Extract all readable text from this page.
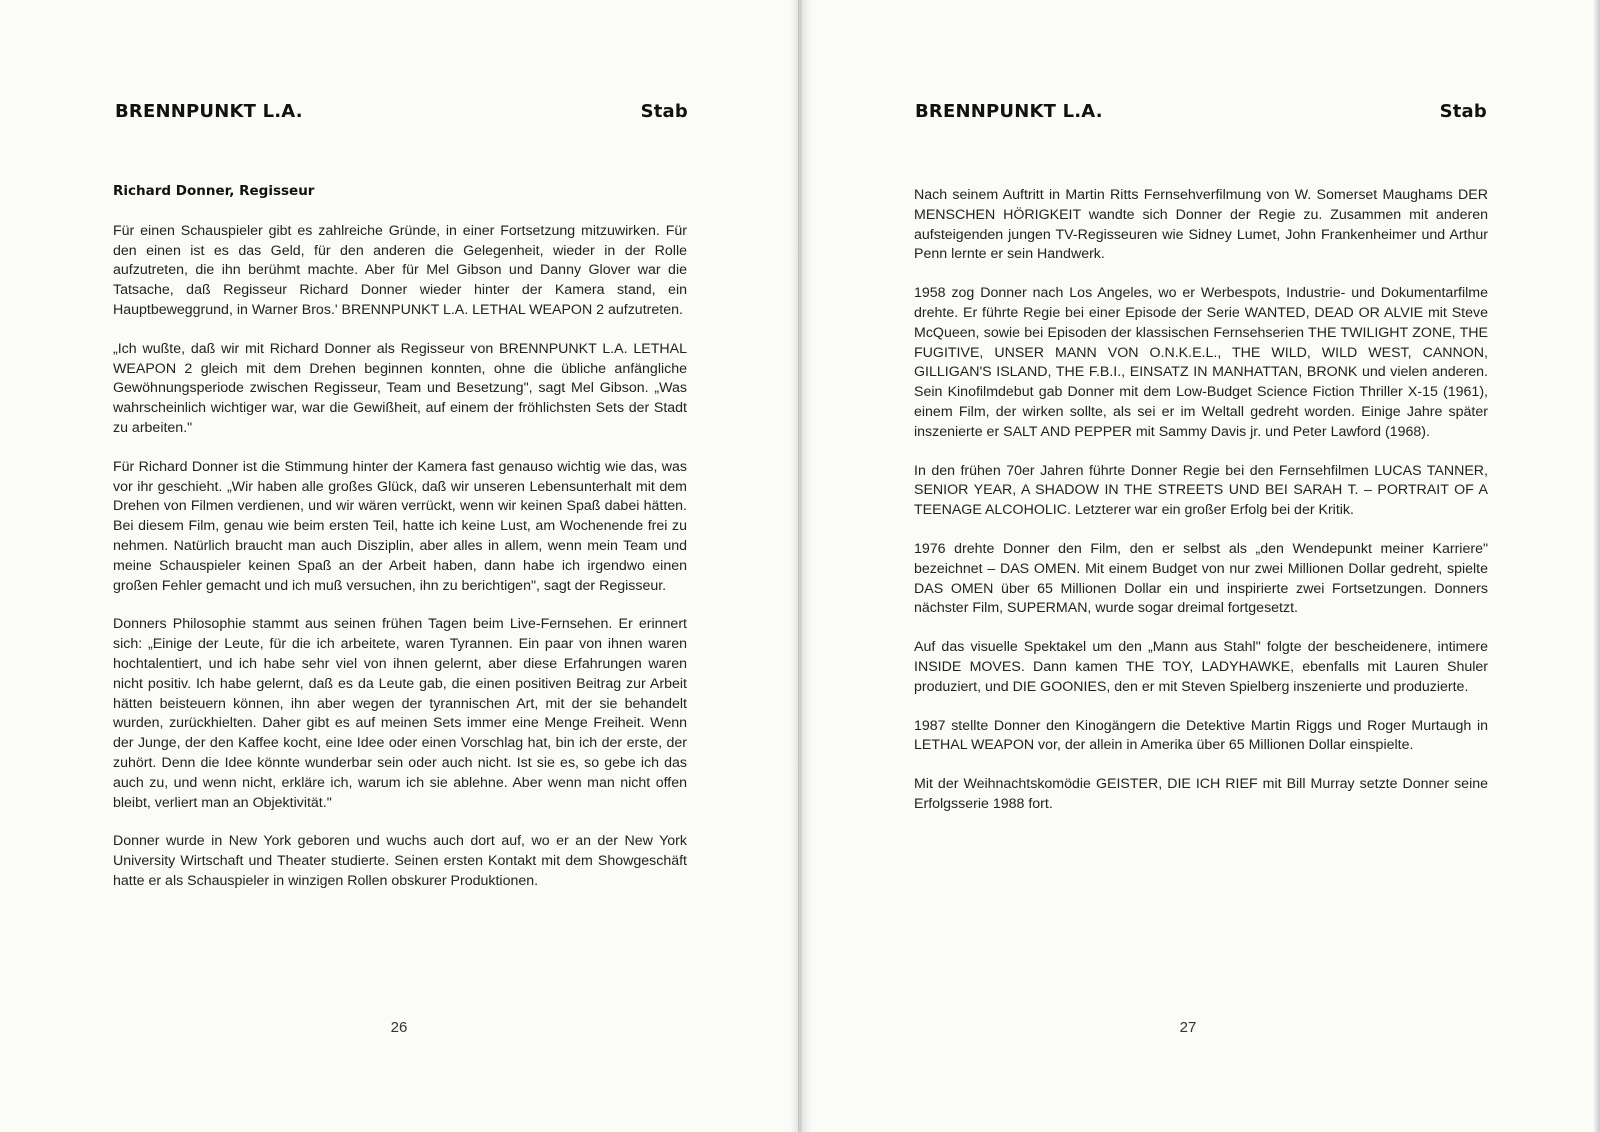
BRENNPUNKT L.A.	Stab
Richard Donner, Regisseur

Für einen Schauspieler gibt es zahlreiche Gründe, in einer Fortsetzung mitzuwirken. Für den einen ist es das Geld, für den anderen die Gelegenheit, wieder in der Rolle aufzutreten, die ihn berühmt machte. Aber für Mel Gibson und Danny Glover war die Tatsache, daß Regisseur Richard Donner wieder hinter der Kamera stand, ein Hauptbeweggrund, in Warner Bros.' BRENNPUNKT L.A. LETHAL WEAPON 2 aufzutreten.

„Ich wußte, daß wir mit Richard Donner als Regisseur von BRENNPUNKT L.A. LETHAL WEAPON 2 gleich mit dem Drehen beginnen konnten, ohne die übliche anfängliche Gewöhnungsperiode zwischen Regisseur, Team und Besetzung", sagt Mel Gibson. „Was wahrscheinlich wichtiger war, war die Gewißheit, auf einem der fröhlichsten Sets der Stadt zu arbeiten."

Für Richard Donner ist die Stimmung hinter der Kamera fast genauso wichtig wie das, was vor ihr geschieht. „Wir haben alle großes Glück, daß wir unseren Lebensunterhalt mit dem Drehen von Filmen verdienen, und wir wären verrückt, wenn wir keinen Spaß dabei hätten. Bei diesem Film, genau wie beim ersten Teil, hatte ich keine Lust, am Wochenende frei zu nehmen. Natürlich braucht man auch Disziplin, aber alles in allem, wenn mein Team und meine Schauspieler keinen Spaß an der Arbeit haben, dann habe ich irgendwo einen großen Fehler gemacht und ich muß versuchen, ihn zu berichtigen", sagt der Regisseur.

Donners Philosophie stammt aus seinen frühen Tagen beim Live-Fernsehen. Er erinnert sich: „Einige der Leute, für die ich arbeitete, waren Tyrannen. Ein paar von ihnen waren hochtalentiert, und ich habe sehr viel von ihnen gelernt, aber diese Erfahrungen waren nicht positiv. Ich habe gelernt, daß es da Leute gab, die einen positiven Beitrag zur Arbeit hätten beisteuern können, ihn aber wegen der tyrannischen Art, mit der sie behandelt wurden, zurückhielten. Daher gibt es auf meinen Sets immer eine Menge Freiheit. Wenn der Junge, der den Kaffee kocht, eine Idee oder einen Vorschlag hat, bin ich der erste, der zuhört. Denn die Idee könnte wunderbar sein oder auch nicht. Ist sie es, so gebe ich das auch zu, und wenn nicht, erkläre ich, warum ich sie ablehne. Aber wenn man nicht offen bleibt, verliert man an Objektivität."

Donner wurde in New York geboren und wuchs auch dort auf, wo er an der New York University Wirtschaft und Theater studierte. Seinen ersten Kontakt mit dem Showgeschäft hatte er als Schauspieler in winzigen Rollen obskurer Produktionen.

26
BRENNPUNKT L.A.	Stab

Nach seinem Auftritt in Martin Ritts Fernsehverfilmung von W. Somerset Maughams DER MENSCHEN HÖRIGKEIT wandte sich Donner der Regie zu. Zusammen mit anderen aufsteigenden jungen TV-Regisseuren wie Sidney Lumet, John Frankenheimer und Arthur Penn lernte er sein Handwerk.

1958 zog Donner nach Los Angeles, wo er Werbespots, Industrie- und Dokumentarfilme drehte. Er führte Regie bei einer Episode der Serie WANTED, DEAD OR ALVIE mit Steve McQueen, sowie bei Episoden der klassischen Fernsehserien THE TWILIGHT ZONE, THE FUGITIVE, UNSER MANN VON O.N.K.E.L., THE WILD, WILD WEST, CANNON, GILLIGAN'S ISLAND, THE F.B.I., EINSATZ IN MANHATTAN, BRONK und vielen anderen. Sein Kinofilmdebut gab Donner mit dem Low-Budget Science Fiction Thriller X-15 (1961), einem Film, der wirken sollte, als sei er im Weltall gedreht worden. Einige Jahre später inszenierte er SALT AND PEPPER mit Sammy Davis jr. und Peter Lawford (1968).

In den frühen 70er Jahren führte Donner Regie bei den Fernsehfilmen LUCAS TANNER, SENIOR YEAR, A SHADOW IN THE STREETS UND BEI SARAH T. – PORTRAIT OF A TEENAGE ALCOHOLIC. Letzterer war ein großer Erfolg bei der Kritik.

1976 drehte Donner den Film, den er selbst als „den Wendepunkt meiner Karriere" bezeichnet – DAS OMEN. Mit einem Budget von nur zwei Millionen Dollar gedreht, spielte DAS OMEN über 65 Millionen Dollar ein und inspirierte zwei Fortsetzungen. Donners nächster Film, SUPERMAN, wurde sogar dreimal fortgesetzt.

Auf das visuelle Spektakel um den „Mann aus Stahl" folgte der bescheidenere, intimere INSIDE MOVES. Dann kamen THE TOY, LADYHAWKE, ebenfalls mit Lauren Shuler produziert, und DIE GOONIES, den er mit Steven Spielberg inszenierte und produzierte.

1987 stellte Donner den Kinogängern die Detektive Martin Riggs und Roger Murtaugh in LETHAL WEAPON vor, der allein in Amerika über 65 Millionen Dollar einspielte.

Mit der Weihnachtskomödie GEISTER, DIE ICH RIEF mit Bill Murray setzte Donner seine Erfolgsserie 1988 fort.

27
